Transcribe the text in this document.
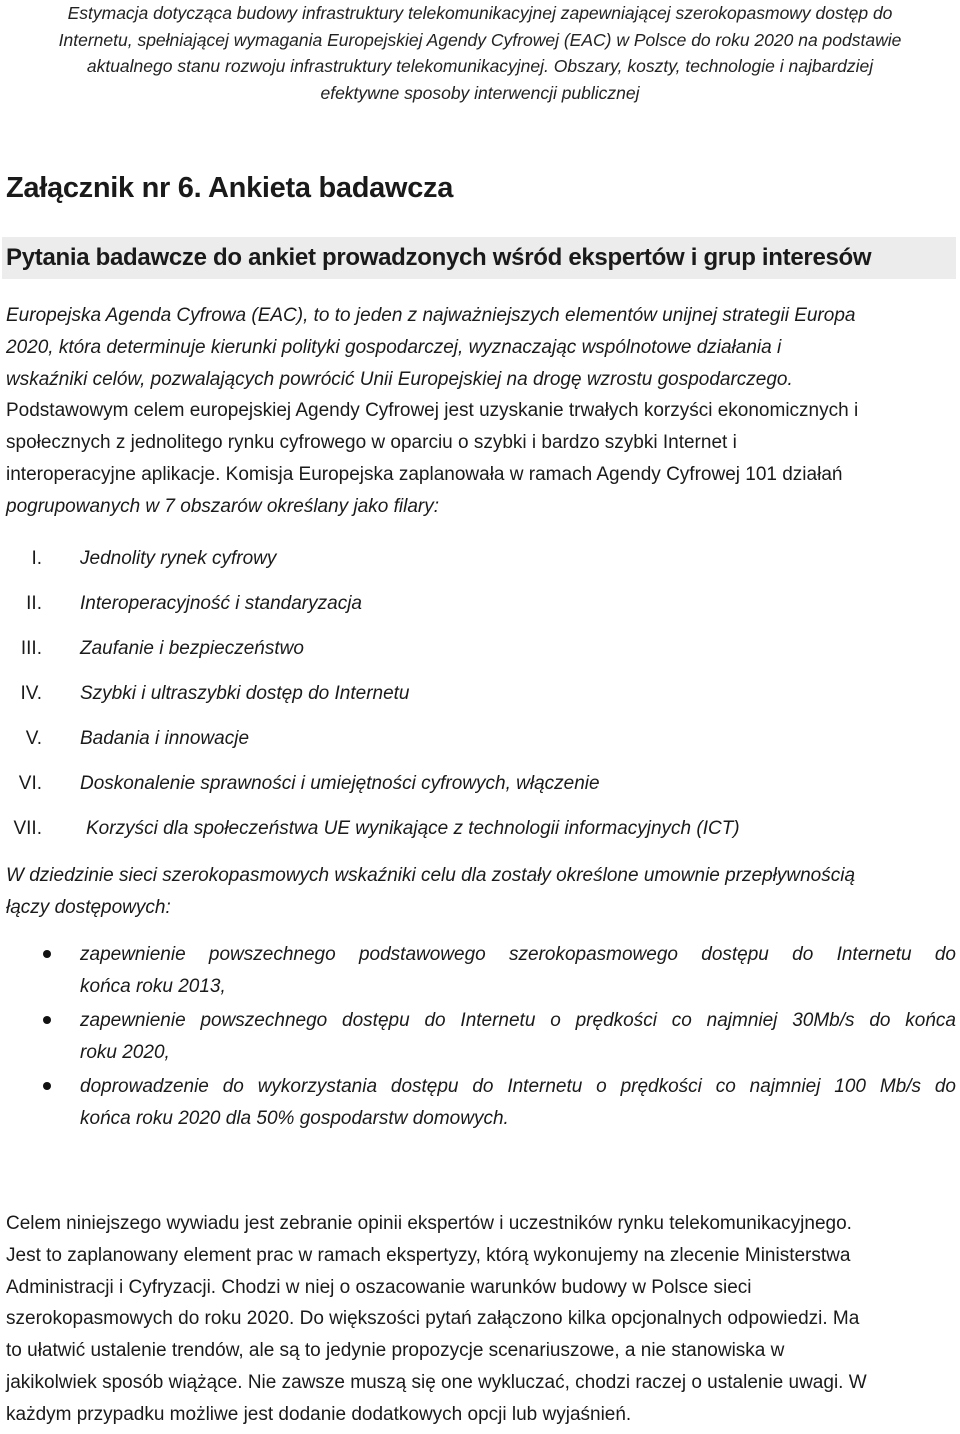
Estymacja dotycząca budowy infrastruktury telekomunikacyjnej zapewniającej szerokopasmowy dostęp do
Internetu, spełniającej wymagania Europejskiej Agendy Cyfrowej (EAC) w Polsce do roku 2020 na podstawie
aktualnego stanu rozwoju infrastruktury telekomunikacyjnej. Obszary, koszty, technologie i najbardziej
efektywne sposoby interwencji publicznej
Załącznik nr 6. Ankieta badawcza
Pytania badawcze do ankiet prowadzonych wśród ekspertów i grup interesów
Europejska Agenda Cyfrowa (EAC), to to jeden z najważniejszych elementów unijnej strategii Europa
2020, która determinuje kierunki polityki gospodarczej, wyznaczając wspólnotowe działania i
wskaźniki celów, pozwalających powrócić Unii Europejskiej na drogę wzrostu gospodarczego.
Podstawowym celem europejskiej Agendy Cyfrowej jest uzyskanie trwałych korzyści ekonomicznych i
społecznych z jednolitego rynku cyfrowego w oparciu o szybki i bardzo szybki Internet i
interoperacyjne aplikacje. Komisja Europejska zaplanowała w ramach Agendy Cyfrowej 101 działań
pogrupowanych w 7 obszarów określany jako filary:
I. Jednolity rynek cyfrowy
II. Interoperacyjność i standaryzacja
III. Zaufanie i bezpieczeństwo
IV. Szybki i ultraszybki dostęp do Internetu
V. Badania i innowacje
VI. Doskonalenie sprawności i umiejętności cyfrowych, włączenie
VII. Korzyści dla społeczeństwa UE wynikające z technologii informacyjnych (ICT)
W dziedzinie sieci szerokopasmowych wskaźniki celu dla zostały określone umownie przepływnością
łączy dostępowych:
zapewnienie powszechnego podstawowego szerokopasmowego dostępu do Internetu do
końca roku 2013,
zapewnienie powszechnego dostępu do Internetu o prędkości co najmniej 30Mb/s do końca
roku 2020,
doprowadzenie do wykorzystania dostępu do Internetu o prędkości co najmniej 100 Mb/s do
końca roku 2020 dla 50% gospodarstw domowych.
Celem niniejszego wywiadu jest zebranie opinii ekspertów i uczestników rynku telekomunikacyjnego.
Jest to zaplanowany element prac w ramach ekspertyzy, którą wykonujemy na zlecenie Ministerstwa
Administracji i Cyfryzacji. Chodzi w niej o oszacowanie warunków budowy w Polsce sieci
szerokopasmowych do roku 2020. Do większości pytań załączono kilka opcjonalnych odpowiedzi. Ma
to ułatwić ustalenie trendów, ale są to jedynie propozycje scenariuszowe, a nie stanowiska w
jakikolwiek sposób wiążące. Nie zawsze muszą się one wykluczać, chodzi raczej o ustalenie uwagi. W
każdym przypadku możliwe jest dodanie dodatkowych opcji lub wyjaśnień.
